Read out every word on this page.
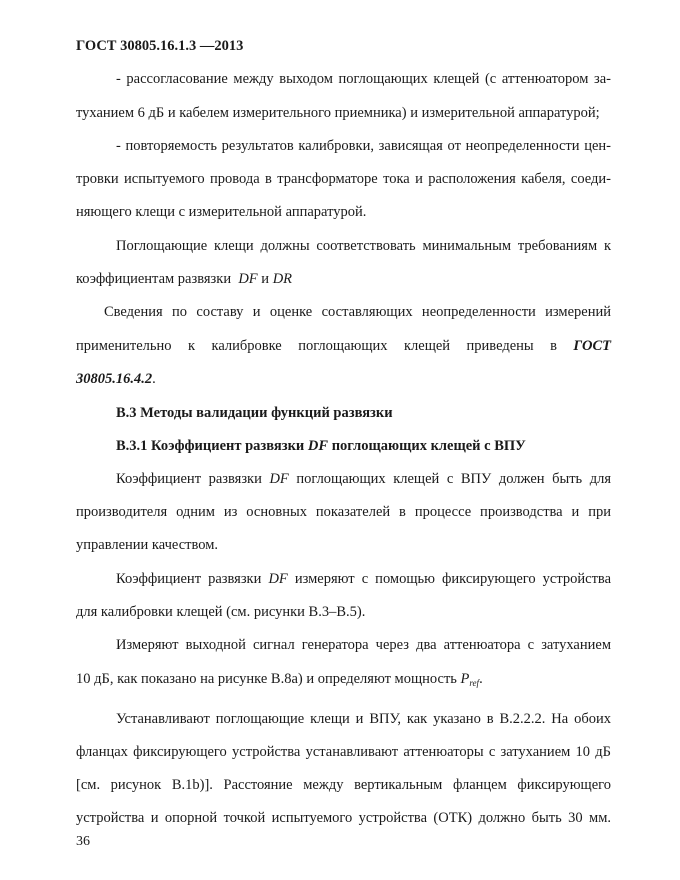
ГОСТ 30805.16.1.3 —2013
- рассогласование между выходом поглощающих клещей (с аттенюатором за-
туханием 6 дБ и кабелем измерительного приемника) и измерительной аппаратурой;
- повторяемость результатов калибровки, зависящая от неопределенности цен-
тровки испытуемого провода в трансформаторе тока и расположения кабеля, соеди-
няющего клещи с измерительной аппаратурой.
Поглощающие клещи должны соответствовать минимальным требованиям к
коэффициентам развязки DF и DR
Сведения по составу и оценке составляющих неопределенности измерений
применительно к калибровке поглощающих клещей приведены в ГОСТ
30805.16.4.2.
В.3 Методы валидации функций развязки
В.3.1 Коэффициент развязки DF поглощающих клещей с ВПУ
Коэффициент развязки DF поглощающих клещей с ВПУ должен быть для
производителя одним из основных показателей в процессе производства и при
управлении качеством.
Коэффициент развязки DF измеряют с помощью фиксирующего устройства
для калибровки клещей (см. рисунки В.3–В.5).
Измеряют выходной сигнал генератора через два аттенюатора с затуханием
10 дБ, как показано на рисунке В.8а) и определяют мощность $P_{ref}$.
Устанавливают поглощающие клещи и ВПУ, как указано в В.2.2.2. На обоих
фланцах фиксирующего устройства устанавливают аттенюаторы с затуханием 10 дБ
[см. рисунок В.1b)]. Расстояние между вертикальным фланцем фиксирующего
устройства и опорной точкой испытуемого устройства (ОТК) должно быть 30 мм.
36
